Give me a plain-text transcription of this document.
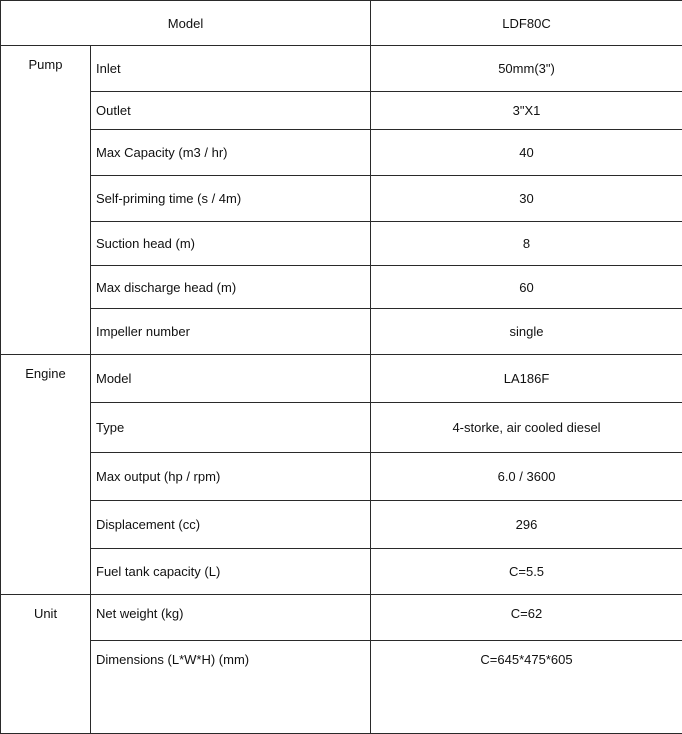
Model		LDF80C
Pump	Inlet	50mm(3")
	Outlet	3"X1
	Max Capacity (m3 / hr)	40
	Self-priming time (s / 4m)	30
	Suction head (m)	8
	Max discharge head (m)	60
	Impeller number	single
Engine	Model	LA186F
	Type	4-storke, air cooled diesel
	Max output (hp / rpm)	6.0 / 3600
	Displacement (cc)	296
	Fuel tank capacity (L)	C=5.5
Unit	Net weight (kg)	C=62
	Dimensions (L*W*H) (mm)	C=645*475*605
